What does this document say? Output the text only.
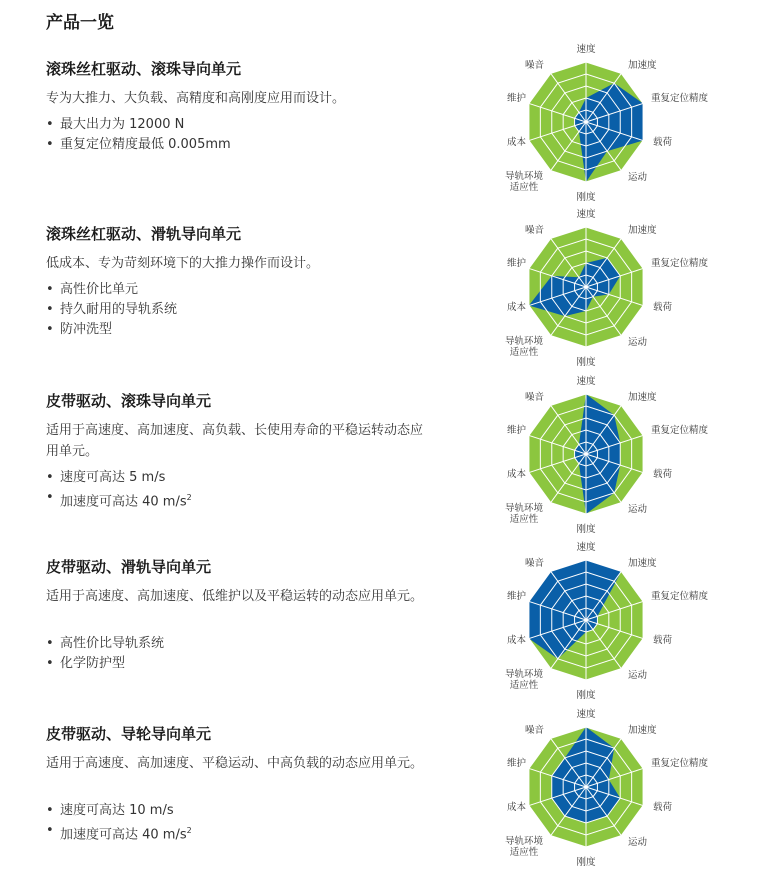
产品一览
滚珠丝杠驱动、滚珠导向单元
专为大推力、大负载、高精度和高刚度应用而设计。
• 最大出力为 12000 N
• 重复定位精度最低 0.005mm
速度
加速度
重复定位精度
载荷
运动
刚度
导轨环境适应性
成本
维护
噪音
滚珠丝杠驱动、滑轨导向单元
低成本、专为苛刻环境下的大推力操作而设计。
• 高性价比单元
• 持久耐用的导轨系统
• 防冲洗型
速度
加速度
重复定位精度
载荷
运动
刚度
导轨环境适应性
成本
维护
噪音
皮带驱动、滚珠导向单元
适用于高速度、高加速度、高负载、长使用寿命的平稳运转动态应用单元。
• 速度可高达 5 m/s
• 加速度可高达 40 $m/s^2$
速度
加速度
重复定位精度
载荷
运动
刚度
导轨环境适应性
成本
维护
噪音
皮带驱动、滑轨导向单元
适用于高速度、高加速度、低维护以及平稳运转的动态应用单元。
• 高性价比导轨系统
• 化学防护型
速度
加速度
重复定位精度
载荷
运动
刚度
导轨环境适应性
成本
维护
噪音
皮带驱动、导轮导向单元
适用于高速度、高加速度、平稳运动、中高负载的动态应用单元。
• 速度可高达 10 m/s
• 加速度可高达 40 $m/s^2$
速度
加速度
重复定位精度
载荷
运动
刚度
导轨环境适应性
成本
维护
噪音
